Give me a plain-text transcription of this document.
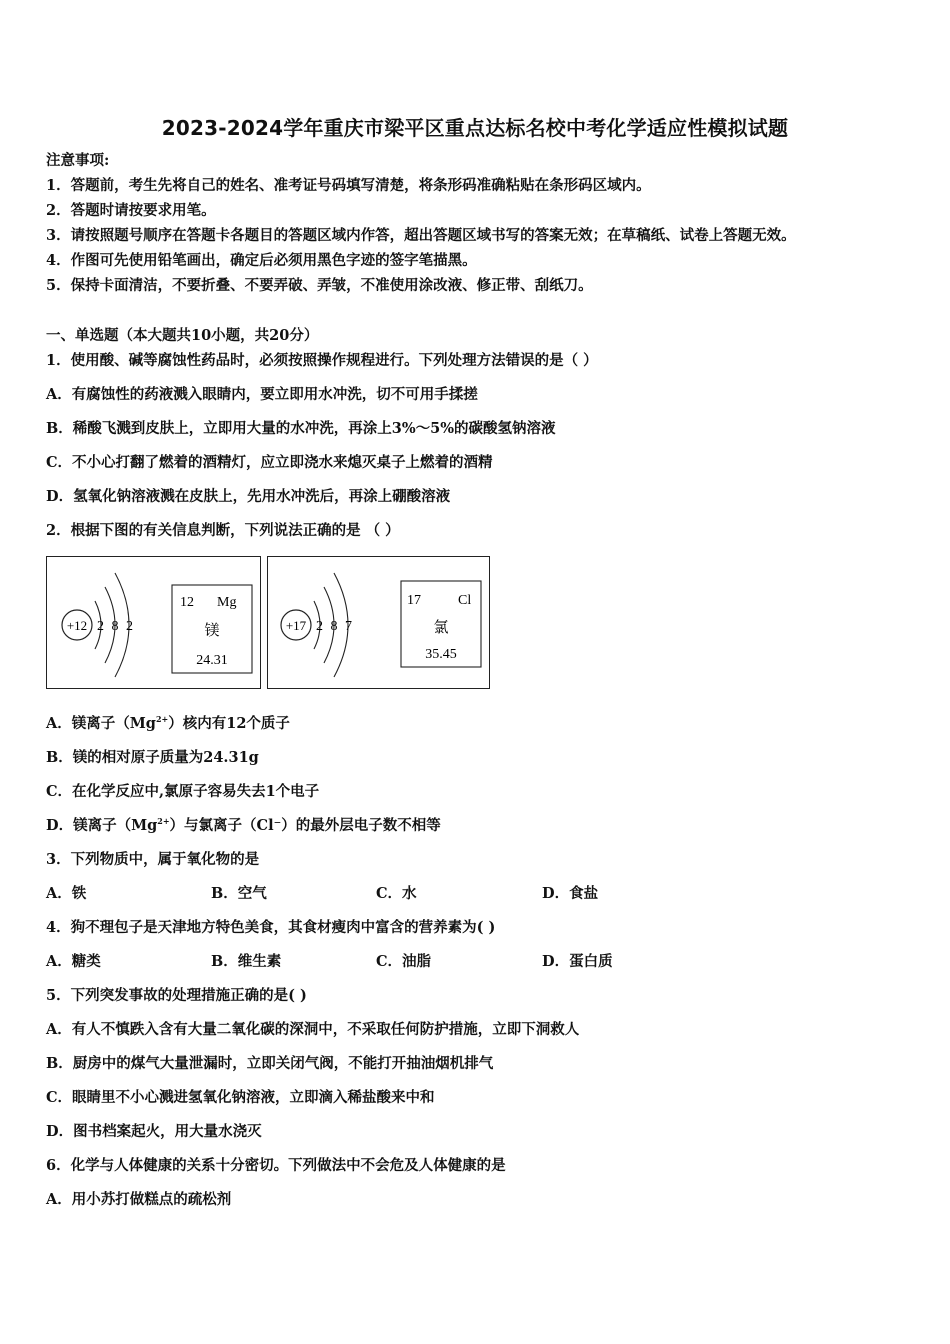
2023-2024学年重庆市梁平区重点达标名校中考化学适应性模拟试题
注意事项:
1．答题前，考生先将自己的姓名、准考证号码填写清楚，将条形码准确粘贴在条形码区域内。
2．答题时请按要求用笔。
3．请按照题号顺序在答题卡各题目的答题区域内作答，超出答题区域书写的答案无效；在草稿纸、试卷上答题无效。
4．作图可先使用铅笔画出，确定后必须用黑色字迹的签字笔描黑。
5．保持卡面清洁，不要折叠、不要弄破、弄皱，不准使用涂改液、修正带、刮纸刀。
一、单选题（本大题共10小题，共20分）
1．使用酸、碱等腐蚀性药品时，必须按照操作规程进行。下列处理方法错误的是（ ）
A．有腐蚀性的药液溅入眼睛内，要立即用水冲洗，切不可用手揉搓
B．稀酸飞溅到皮肤上，立即用大量的水冲洗，再涂上3%～5%的碳酸氢钠溶液
C．不小心打翻了燃着的酒精灯，应立即浇水来熄灭桌子上燃着的酒精
D．氢氧化钠溶液溅在皮肤上，先用水冲洗后，再涂上硼酸溶液
2．根据下图的有关信息判断，下列说法正确的是 （ ）
+12 2 8 2
12 Mg
镁
24.31
+17 2 8 7
17	Cl
氯
35.45
A．镁离子$(Mg^{2+})$核内有12个质子
B．镁的相对原子质量为24.31g
C．在化学反应中,氯原子容易失去1个电子
D．镁离子$(Mg^{2+})$与氯离子（Cl⁻）的最外层电子数不相等
3．下列物质中，属于氧化物的是
A．铁	B．空气	C．水	D．食盐
4．狗不理包子是天津地方特色美食，其食材瘦肉中富含的营养素为( )
A．糖类	B．维生素	C．油脂	D．蛋白质
5．下列突发事故的处理措施正确的是( )
A．有人不慎跌入含有大量二氧化碳的深洞中，不采取任何防护措施，立即下洞救人
B．厨房中的煤气大量泄漏时，立即关闭气阀，不能打开抽油烟机排气
C．眼睛里不小心溅进氢氧化钠溶液，立即滴入稀盐酸来中和
D．图书档案起火，用大量水浇灭
6．化学与人体健康的关系十分密切。下列做法中不会危及人体健康的是
A．用小苏打做糕点的疏松剂
